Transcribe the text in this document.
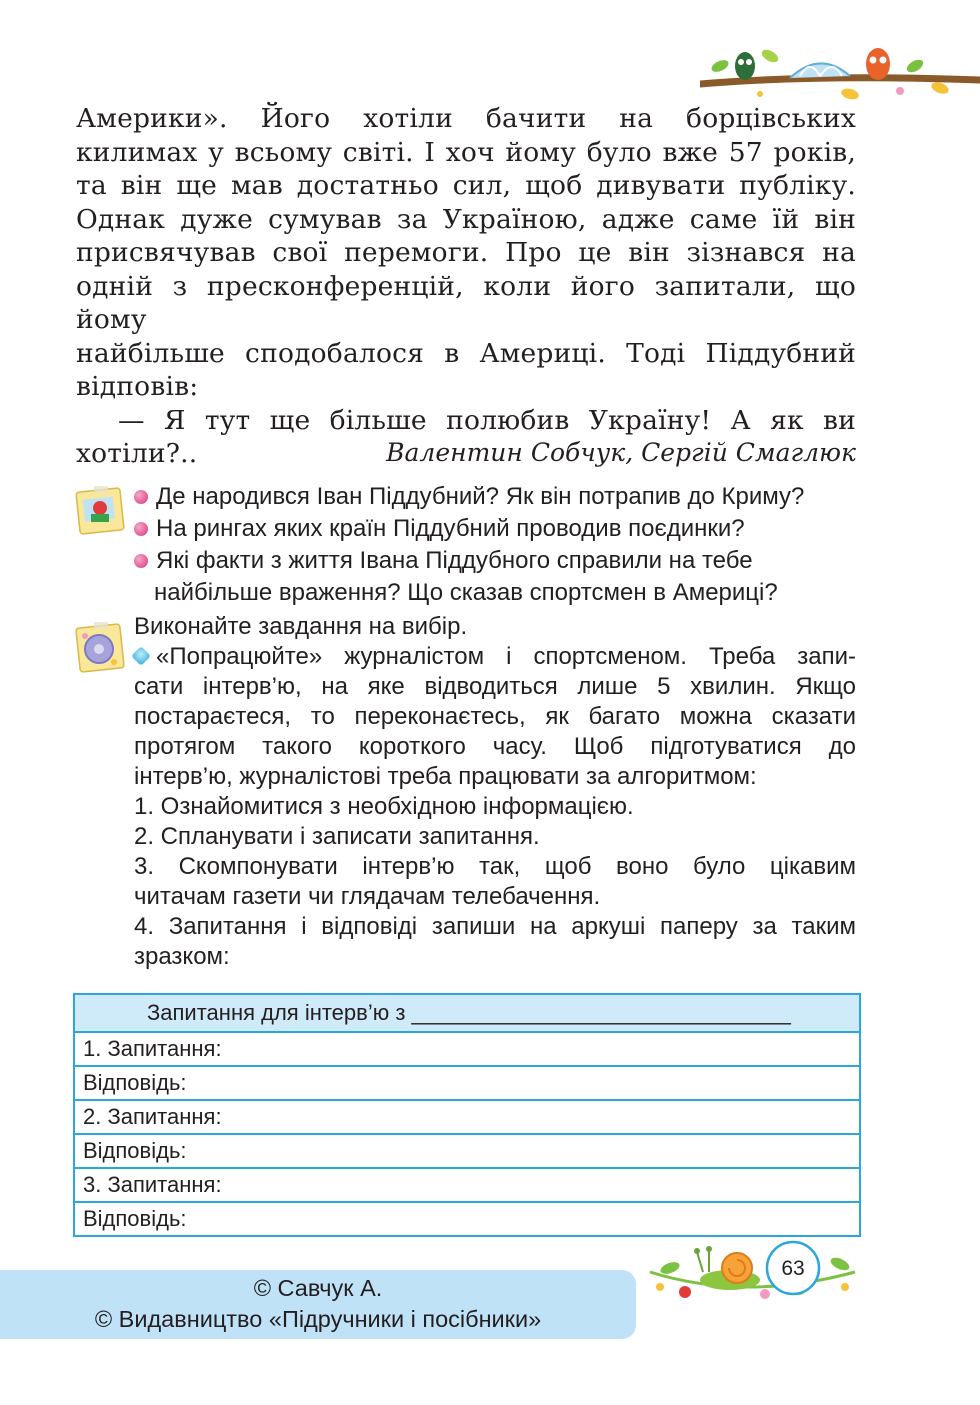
Америки». Його хотіли бачити на борцівських

килимах у всьому світі. І хоч йому було вже 57 років,

та він ще мав достатньо сил, щоб дивувати публіку.

Однак дуже сумував за Україною, адже саме їй він

присвячував свої перемоги. Про це він зізнався на

одній з пресконференцій, коли його запитали, що йому

найбільше сподобалося в Америці. Тоді Піддубний

відповів:

— Я тут ще більше полюбив Україну! А як ви

хотіли?..	Валентин Собчук, Сергій Смаглюк
Де народився Іван Піддубний? Як він потрапив до Криму?
На рингах яких країн Піддубний проводив поєдинки?
Які факти з життя Івана Піддубного справили на тебе
найбільше враження? Що сказав спортсмен в Америці?

Виконайте завдання на вибір.

«Попрацюйте» журналістом і спортсменом. Треба запи-

сати інтерв’ю, на яке відводиться лише 5 хвилин. Якщо

постараєтеся, то переконаєтесь, як багато можна сказати

протягом такого короткого часу. Щоб підготуватися до

інтерв’ю, журналістові треба працювати за алгоритмом:

1. Ознайомитися з необхідною інформацією.

2. Спланувати і записати запитання.

3. Скомпонувати інтерв’ю так, щоб воно було цікавим

читачам газети чи глядачам телебачення.

4. Запитання і відповіді запиши на аркуші паперу за таким

зразком:

Запитання для інтерв’ю з _______________________________
1. Запитання:
Відповідь:
2. Запитання:
Відповідь:
3. Запитання:
Відповідь:
© Савчук А.
© Видавництво «Підручники і посібники»
63
